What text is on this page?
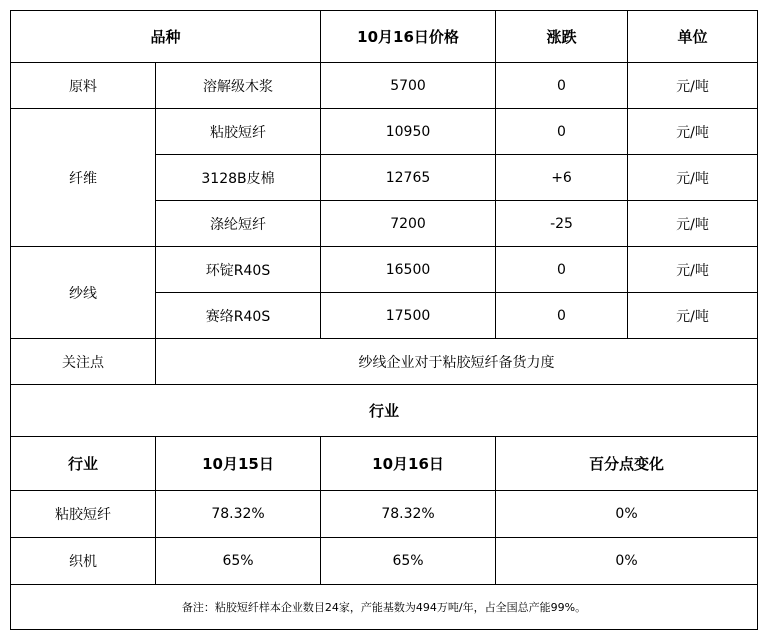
品种		10月16日价格	涨跌	单位
原料	溶解级木浆	5700	0	元/吨
纤维	粘胶短纤	10950	0	元/吨
	3128B皮棉	12765	+6	元/吨
	涤纶短纤	7200	-25	元/吨
纱线	环锭R40S	16500	0	元/吨
	赛络R40S	17500	0	元/吨
关注点	纱线企业对于粘胶短纤备货力度			
行业				
行业	10月15日	10月16日	百分点变化	
粘胶短纤	78.32%	78.32%	0%	
织机	65%	65%	0%	
备注：粘胶短纤样本企业数目24家，产能基数为494万吨/年，占全国总产能99%。				
